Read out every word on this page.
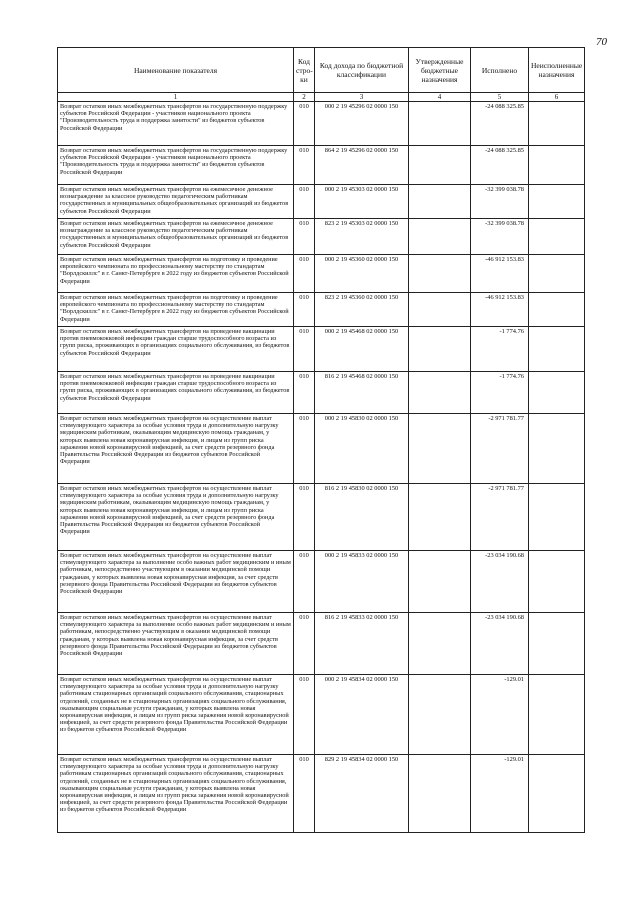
70
Наименование показателя	Код стро-ки	Код дохода по бюджетной классификации	Утвержденные бюджетные назначения	Исполнено	Неисполненные назначения
1	2	3	4	5	6
Возврат остатков иных межбюджетных трансфертов на государственную поддержку субъектов Российской Федерации - участников национального проекта "Производительность труда и поддержка занятости" из бюджетов субъектов Российской Федерации	010	000 2 19 45296 02 0000 150		-24 088 325.85	
Возврат остатков иных межбюджетных трансфертов на государственную поддержку субъектов Российской Федерации - участников национального проекта "Производительность труда и поддержка занятости" из бюджетов субъектов Российской Федерации	010	864 2 19 45296 02 0000 150		-24 088 325.85	
Возврат остатков иных межбюджетных трансфертов на ежемесячное денежное вознаграждение за классное руководство педагогическим работникам государственных и муниципальных общеобразовательных организаций из бюджетов субъектов Российской Федерации	010	000 2 19 45303 02 0000 150		-32 399 038.78	
Возврат остатков иных межбюджетных трансфертов на ежемесячное денежное вознаграждение за классное руководство педагогическим работникам государственных и муниципальных общеобразовательных организаций из бюджетов субъектов Российской Федерации	010	823 2 19 45303 02 0000 150		-32 399 038.78	
Возврат остатков иных межбюджетных трансфертов на подготовку и проведение европейского чемпионата по профессиональному мастерству по стандартам "Ворлдскиллс" в г. Санкт-Петербурге в 2022 году из бюджетов субъектов Российской Федерации	010	000 2 19 45360 02 0000 150		-46 912 153.83	
Возврат остатков иных межбюджетных трансфертов на подготовку и проведение европейского чемпионата по профессиональному мастерству по стандартам "Ворлдскиллс" в г. Санкт-Петербурге в 2022 году из бюджетов субъектов Российской Федерации	010	823 2 19 45360 02 0000 150		-46 912 153.83	
Возврат остатков иных межбюджетных трансфертов на проведение вакцинации против пневмококковой инфекции граждан старше трудоспособного возраста из групп риска, проживающих в организациях социального обслуживания, из бюджетов субъектов Российской Федерации	010	000 2 19 45468 02 0000 150		-1 774.76	
Возврат остатков иных межбюджетных трансфертов на проведение вакцинации против пневмококковой инфекции граждан старше трудоспособного возраста из групп риска, проживающих в организациях социального обслуживания, из бюджетов субъектов Российской Федерации	010	816 2 19 45468 02 0000 150		-1 774.76	
Возврат остатков иных межбюджетных трансфертов на осуществление выплат стимулирующего характера за особые условия труда и дополнительную нагрузку медицинским работникам, оказывающим медицинскую помощь гражданам, у которых выявлена новая коронавирусная инфекция, и лицам из групп риска заражения новой коронавирусной инфекцией, за счет средств резервного фонда Правительства Российской Федерации из бюджетов субъектов Российской Федерации	010	000 2 19 45830 02 0000 150		-2 971 781.77	
Возврат остатков иных межбюджетных трансфертов на осуществление выплат стимулирующего характера за особые условия труда и дополнительную нагрузку медицинским работникам, оказывающим медицинскую помощь гражданам, у которых выявлена новая коронавирусная инфекция, и лицам из групп риска заражения новой коронавирусной инфекцией, за счет средств резервного фонда Правительства Российской Федерации из бюджетов субъектов Российской Федерации	010	816 2 19 45830 02 0000 150		-2 971 781.77	
Возврат остатков иных межбюджетных трансфертов на осуществление выплат стимулирующего характера за выполнение особо важных работ медицинским и иным работникам, непосредственно участвующим в оказании медицинской помощи гражданам, у которых выявлена новая коронавирусная инфекция, за счет средств резервного фонда Правительства Российской Федерации из бюджетов субъектов Российской Федерации	010	000 2 19 45833 02 0000 150		-23 034 190.68	
Возврат остатков иных межбюджетных трансфертов на осуществление выплат стимулирующего характера за выполнение особо важных работ медицинским и иным работникам, непосредственно участвующим в оказании медицинской помощи гражданам, у которых выявлена новая коронавирусная инфекция, за счет средств резервного фонда Правительства Российской Федерации из бюджетов субъектов Российской Федерации	010	816 2 19 45833 02 0000 150		-23 034 190.68	
Возврат остатков иных межбюджетных трансфертов на осуществление выплат стимулирующего характера за особые условия труда и дополнительную нагрузку работникам стационарных организаций социального обслуживания, стационарных отделений, созданных не в стационарных организациях социального обслуживания, оказывающим социальные услуги гражданам, у которых выявлена новая коронавирусная инфекция, и лицам из групп риска заражения новой коронавирусной инфекцией, за счет средств резервного фонда Правительства Российской Федерации из бюджетов субъектов Российской Федерации	010	000 2 19 45834 02 0000 150		-129.01	
Возврат остатков иных межбюджетных трансфертов на осуществление выплат стимулирующего характера за особые условия труда и дополнительную нагрузку работникам стационарных организаций социального обслуживания, стационарных отделений, созданных не в стационарных организациях социального обслуживания, оказывающим социальные услуги гражданам, у которых выявлена новая коронавирусная инфекция, и лицам из групп риска заражения новой коронавирусной инфекцией, за счет средств резервного фонда Правительства Российской Федерации из бюджетов субъектов Российской Федерации	010	829 2 19 45834 02 0000 150		-129.01	
